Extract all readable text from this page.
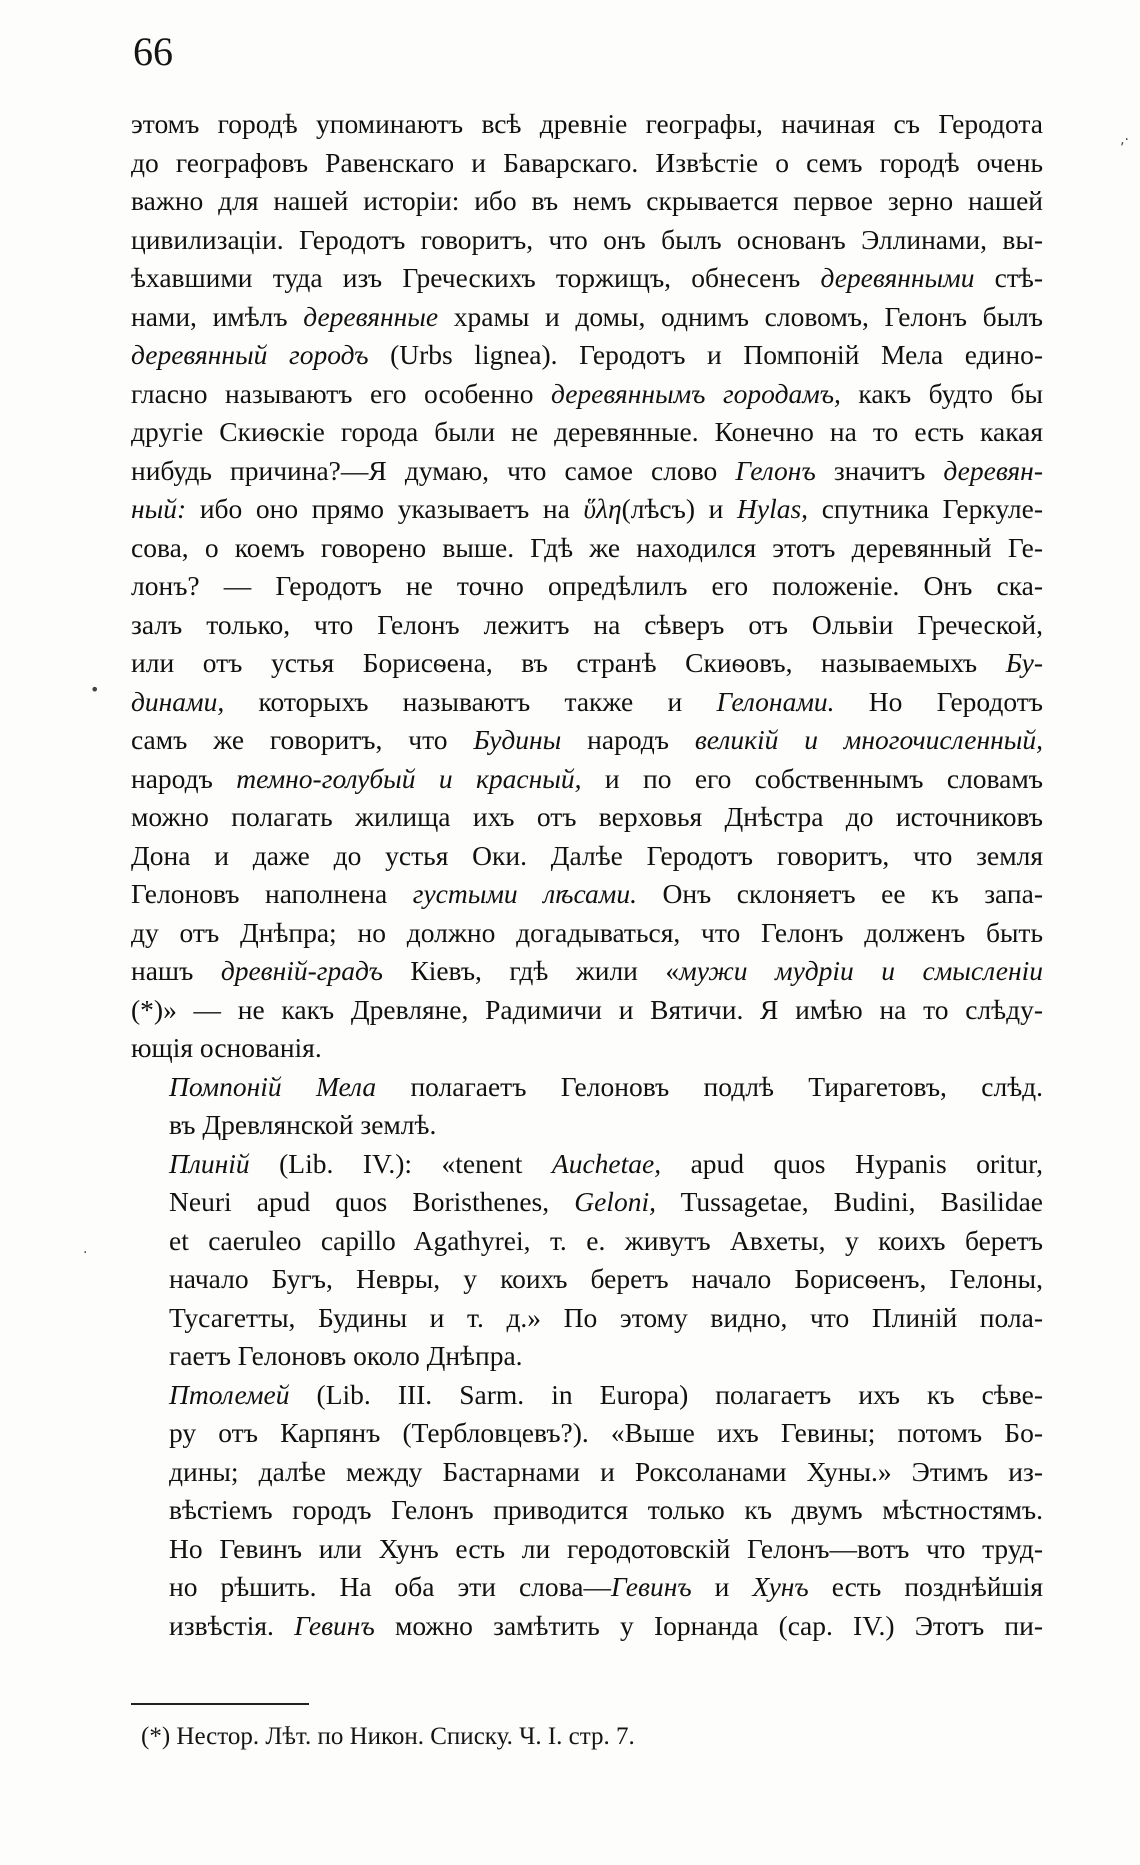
66

этомъ городѣ упоминаютъ всѣ древніе географы, начиная съ Геродота
до географовъ Равенскаго и Баварскаго. Извѣстіе о семъ городѣ очень
важно для нашей исторіи: ибо въ немъ скрывается первое зерно нашей
цивилизаціи. Геродотъ говоритъ, что онъ былъ основанъ Эллинами, вы-
ѣхавшими туда изъ Греческихъ торжищъ, обнесенъ деревянными стѣ-
нами, имѣлъ деревянные храмы и домы, однимъ словомъ, Гелонъ былъ
деревянный городъ (Urbs lignea). Геродотъ и Помпоній Мела едино-
гласно называютъ его особенно деревяннымъ городамъ, какъ будто бы
другіе Скиѳскіе города были не деревянные. Конечно на то есть какая
нибудь причина?—Я думаю, что самое слово Гелонъ значитъ деревян-
ный: ибо оно прямо указываетъ на ὕλη(лѣсъ) и Hylas, спутника Геркуле-
сова, о коемъ говорено выше. Гдѣ же находился этотъ деревянный Ге-
лонъ? — Геродотъ не точно опредѣлилъ его положеніе. Онъ ска-
залъ только, что Гелонъ лежитъ на сѣверъ отъ Ольвіи Греческой,
или отъ устья Борисѳена, въ странѣ Скиѳовъ, называемыхъ Бу-
динами, которыхъ называютъ также и Гелонами. Но Геродотъ
самъ же говоритъ, что Будины народъ великій и многочисленный,
народъ темно-голубый и красный, и по его собственнымъ словамъ
можно полагать жилища ихъ отъ верховья Днѣстра до источниковъ
Дона и даже до устья Оки. Далѣе Геродотъ говоритъ, что земля
Гелоновъ наполнена густыми лѣсами. Онъ склоняетъ ее къ запа-
ду отъ Днѣпра; но должно догадываться, что Гелонъ долженъ быть
нашъ древній-градъ Кіевъ, гдѣ жили «мужи мудріи и смысленіи
(*)» — не какъ Древляне, Радимичи и Вятичи. Я имѣю на то слѣду-
ющія основанія.

Помпоній Мела полагаетъ Гелоновъ подлѣ Тирагетовъ, слѣд.
въ Древлянской землѣ.

Плиній (Lib. IV.): «tenent Auchetae, apud quos Hypanis oritur,
Neuri apud quos Boristhenes, Geloni, Tussagetae, Budini, Basilidae
et caeruleo capillo Agathyrei, т. е. живутъ Авхеты, у коихъ беретъ
начало Бугъ, Невры, у коихъ беретъ начало Борисѳенъ, Гелоны,
Тусагетты, Будины и т. д.» По этому видно, что Плиній пола-
гаетъ Гелоновъ около Днѣпра.

Птолемей (Lib. III. Sarm. in Europa) полагаетъ ихъ къ сѣве-
ру отъ Карпянъ (Тербловцевъ?). «Выше ихъ Гевины; потомъ Бо-
дины; далѣе между Бастарнами и Роксоланами Хуны.» Этимъ из-
вѣстіемъ городъ Гелонъ приводится только къ двумъ мѣстностямъ.
Но Гевинъ или Хунъ есть ли геродотовскій Гелонъ—вотъ что труд-
но рѣшить. На оба эти слова—Гевинъ и Хунъ есть позднѣйшія
извѣстія. Гевинъ можно замѣтить у Іорнанда (cap. IV.) Этотъ пи-

(*) Нестор. Лѣт. по Никон. Списку. Ч. I. стр. 7.
‚·
•
·
